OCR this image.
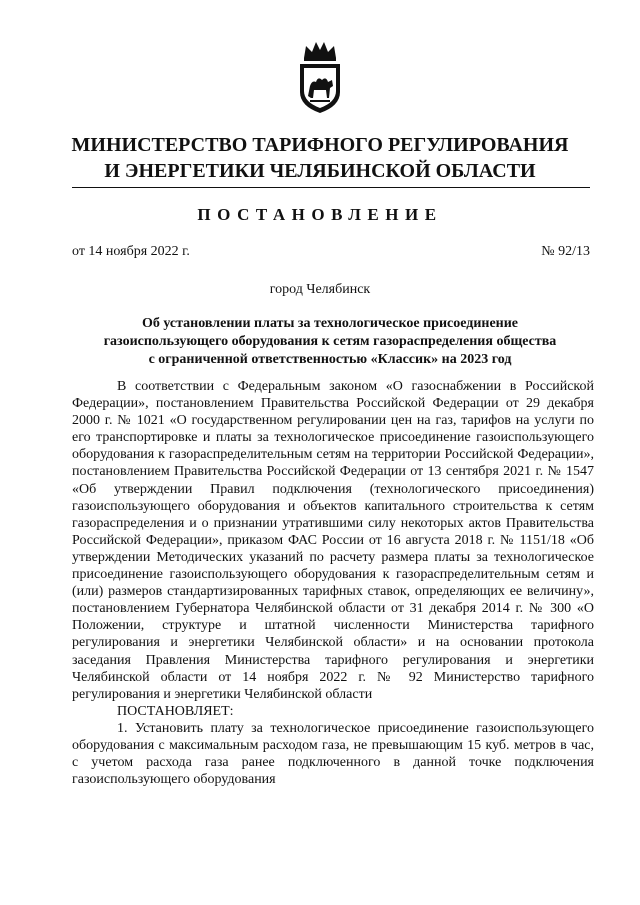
МИНИСТЕРСТВО ТАРИФНОГО РЕГУЛИРОВАНИЯ
И ЭНЕРГЕТИКИ ЧЕЛЯБИНСКОЙ ОБЛАСТИ
ПОСТАНОВЛЕНИЕ
от 14 ноября 2022 г.	№ 92/13
город Челябинск
Об установлении платы за технологическое присоединение газоиспользующего оборудования к сетям газораспределения общества с ограниченной ответственностью «Классик» на 2023 год

В соответствии с Федеральным законом «О газоснабжении в Российской Федерации», постановлением Правительства Российской Федерации от 29 декабря 2000 г. № 1021 «О государственном регулировании цен на газ, тарифов на услуги по его транспортировке и платы за технологическое присоединение газоиспользующего оборудования к газораспределительным сетям на территории Российской Федерации», постановлением Правительства Российской Федерации от 13 сентября 2021 г. № 1547 «Об утверждении Правил подключения (технологического присоединения) газоиспользующего оборудования и объектов капитального строительства к сетям газораспределения и о признании утратившими силу некоторых актов Правительства Российской Федерации», приказом ФАС России от 16 августа 2018 г. № 1151/18 «Об утверждении Методических указаний по расчету размера платы за технологическое присоединение газоиспользующего оборудования к газораспределительным сетям и (или) размеров стандартизированных тарифных ставок, определяющих ее величину», постановлением Губернатора Челябинской области от 31 декабря 2014 г. № 300 «О Положении, структуре и штатной численности Министерства тарифного регулирования и энергетики Челябинской области» и на основании протокола заседания Правления Министерства тарифного регулирования и энергетики Челябинской области от 14 ноября 2022 г. № 92 Министерство тарифного регулирования и энергетики Челябинской области

ПОСТАНОВЛЯЕТ:

1. Установить плату за технологическое присоединение газоиспользующего оборудования с максимальным расходом газа, не превышающим 15 куб. метров в час, с учетом расхода газа ранее подключенного в данной точке подключения газоиспользующего оборудования
